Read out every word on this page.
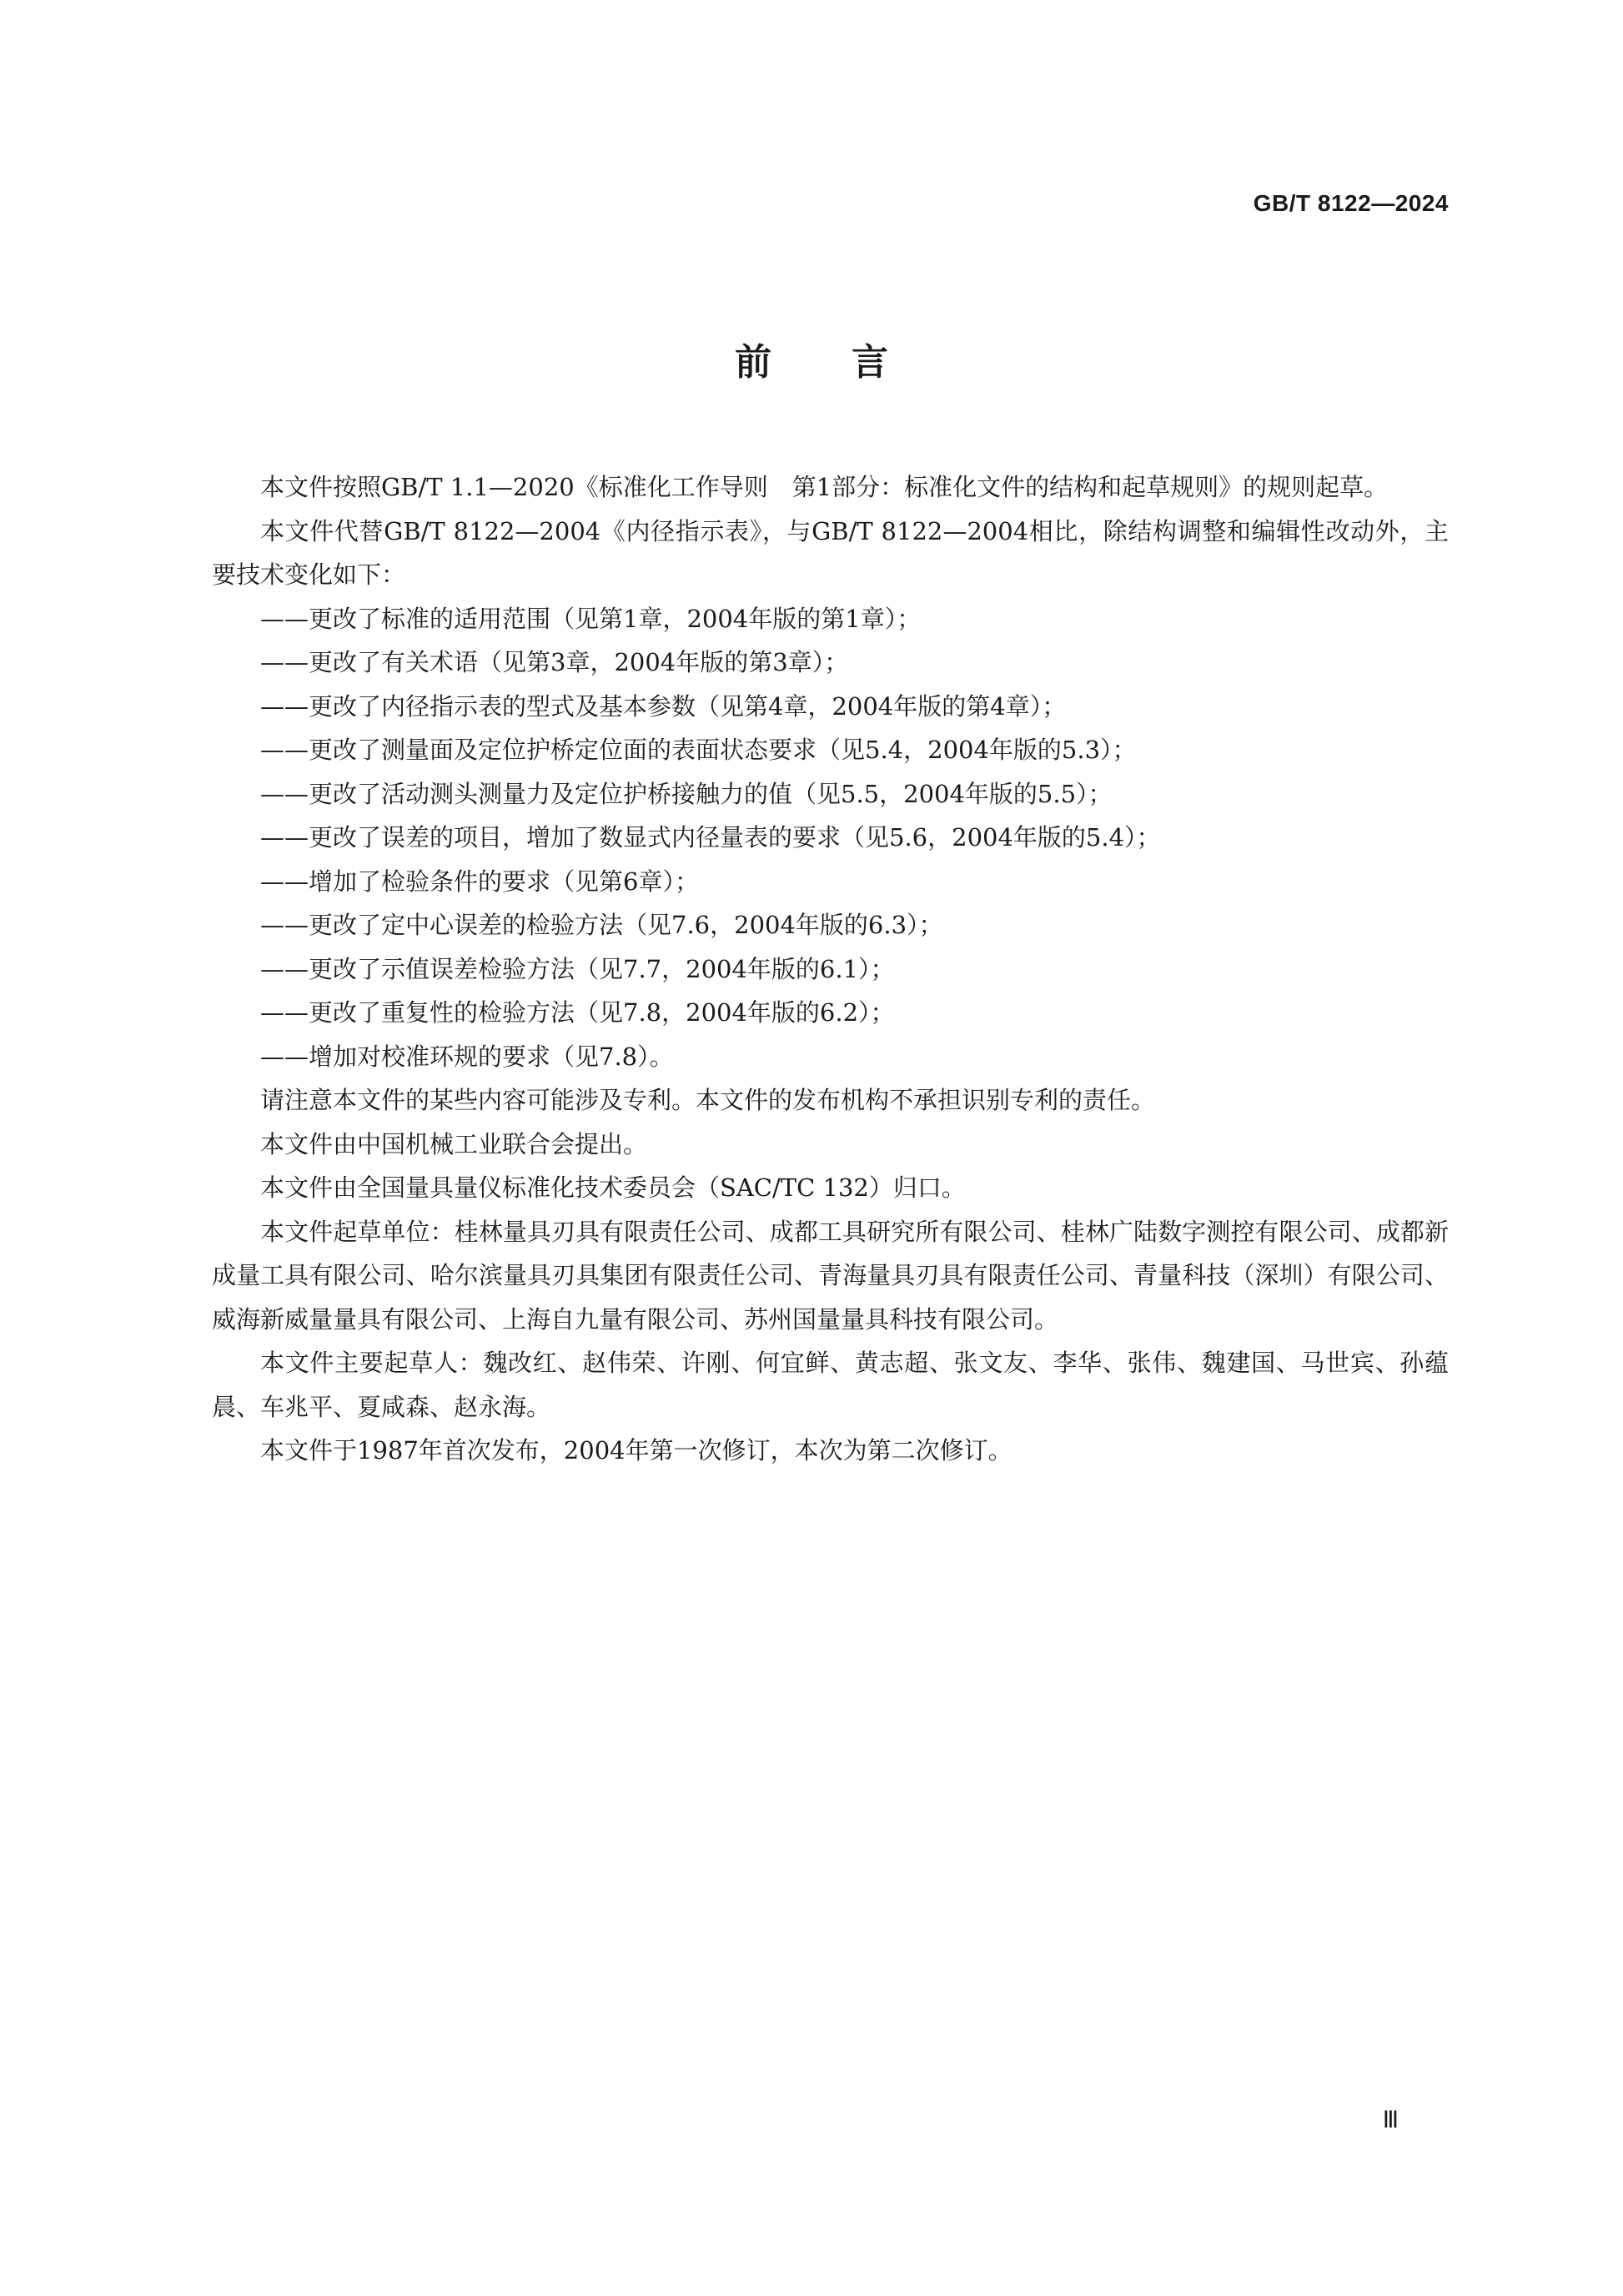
GB/T 8122—2024
前言

本文件按照GB/T 1.1—2020《标准化工作导则　第1部分：标准化文件的结构和起草规则》的规则起草。

本文件代替GB/T 8122—2004《内径指示表》，与GB/T 8122—2004相比，除结构调整和编辑性改动外，主要技术变化如下：

——更改了标准的适用范围（见第1章，2004年版的第1章）；

——更改了有关术语（见第3章，2004年版的第3章）；

——更改了内径指示表的型式及基本参数（见第4章，2004年版的第4章）；

——更改了测量面及定位护桥定位面的表面状态要求（见5.4，2004年版的5.3）；

——更改了活动测头测量力及定位护桥接触力的值（见5.5，2004年版的5.5）；

——更改了误差的项目，增加了数显式内径量表的要求（见5.6，2004年版的5.4）；

——增加了检验条件的要求（见第6章）；

——更改了定中心误差的检验方法（见7.6，2004年版的6.3）；

——更改了示值误差检验方法（见7.7，2004年版的6.1）；

——更改了重复性的检验方法（见7.8，2004年版的6.2）；

——增加对校准环规的要求（见7.8）。

请注意本文件的某些内容可能涉及专利。本文件的发布机构不承担识别专利的责任。

本文件由中国机械工业联合会提出。

本文件由全国量具量仪标准化技术委员会（SAC/TC 132）归口。

本文件起草单位：桂林量具刃具有限责任公司、成都工具研究所有限公司、桂林广陆数字测控有限公司、成都新成量工具有限公司、哈尔滨量具刃具集团有限责任公司、青海量具刃具有限责任公司、青量科技（深圳）有限公司、威海新威量量具有限公司、上海自九量有限公司、苏州国量量具科技有限公司。

本文件主要起草人：魏改红、赵伟荣、许刚、何宜鲜、黄志超、张文友、李华、张伟、魏建国、马世宾、孙蕴晨、车兆平、夏咸森、赵永海。

本文件于1987年首次发布，2004年第一次修订，本次为第二次修订。

Ⅲ
